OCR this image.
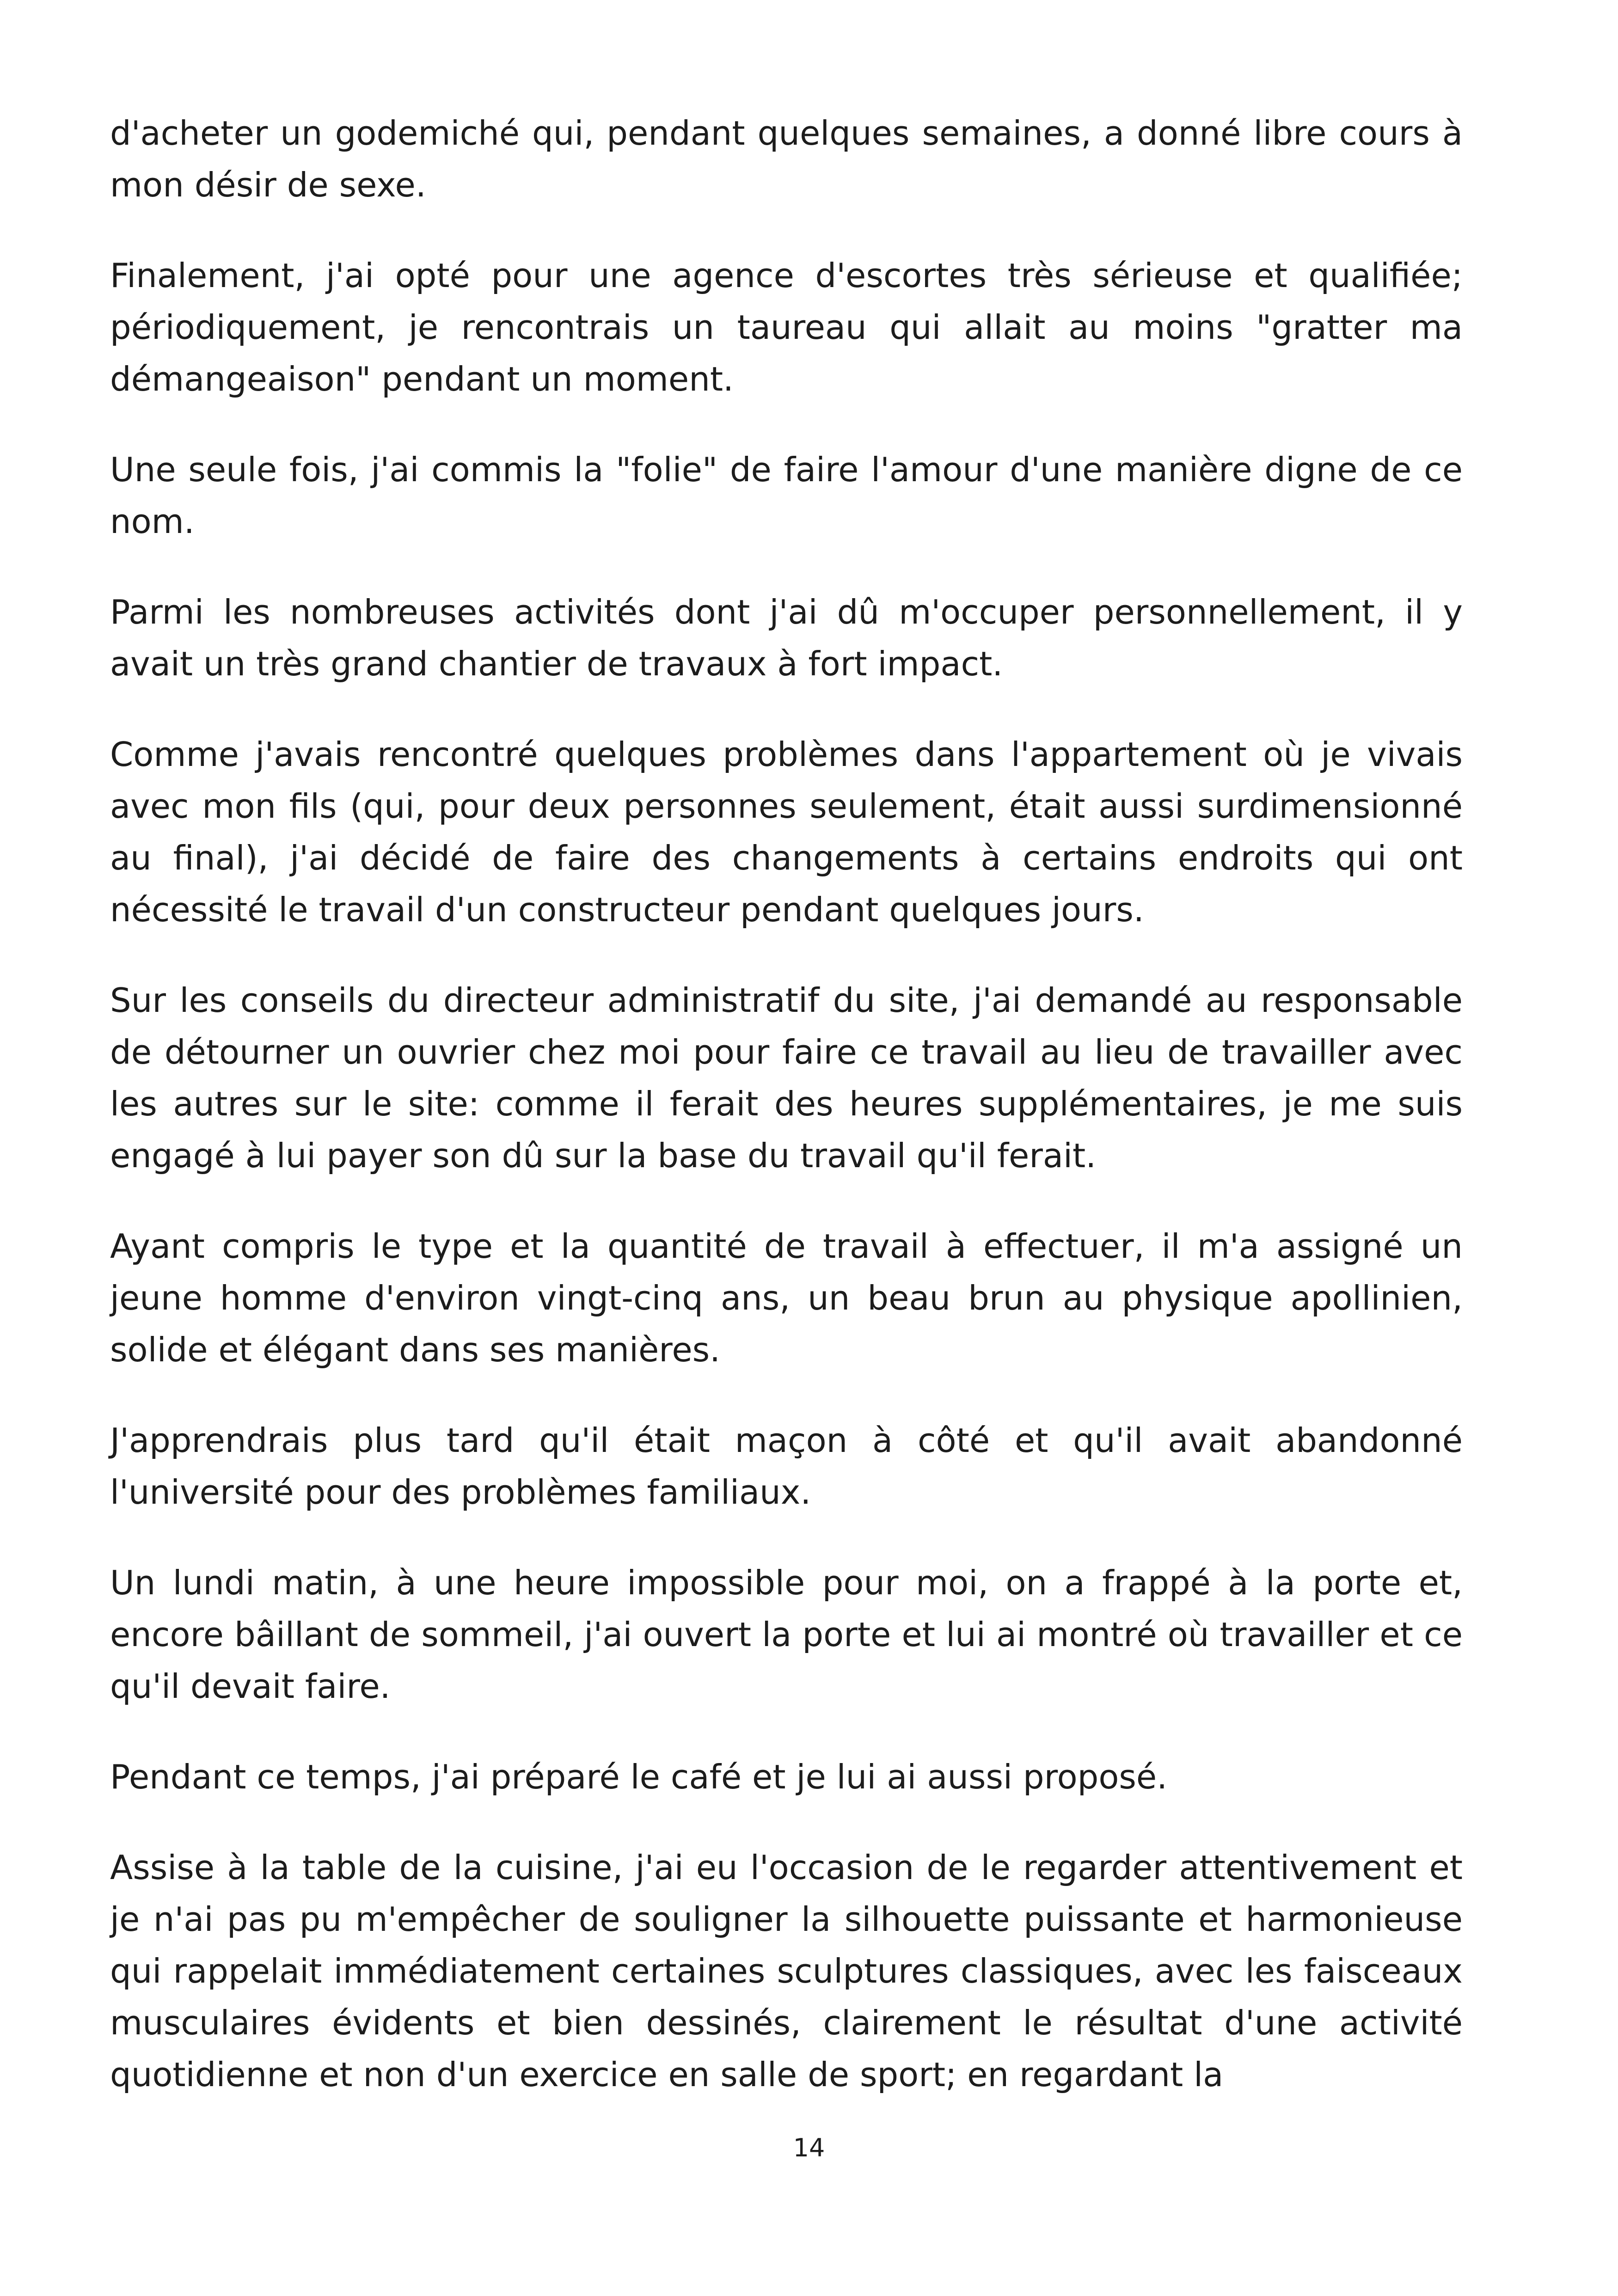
d'acheter un godemiché qui, pendant quelques semaines, a donné libre cours à mon désir de sexe.

Finalement, j'ai opté pour une agence d'escortes très sérieuse et qualifiée; périodiquement, je rencontrais un taureau qui allait au moins "gratter ma démangeaison" pendant un moment.

Une seule fois, j'ai commis la "folie" de faire l'amour d'une manière digne de ce nom.

Parmi les nombreuses activités dont j'ai dû m'occuper personnellement, il y avait un très grand chantier de travaux à fort impact.

Comme j'avais rencontré quelques problèmes dans l'appartement où je vivais avec mon fils (qui, pour deux personnes seulement, était aussi surdimensionné au final), j'ai décidé de faire des changements à certains endroits qui ont nécessité le travail d'un constructeur pendant quelques jours.

Sur les conseils du directeur administratif du site, j'ai demandé au responsable de détourner un ouvrier chez moi pour faire ce travail au lieu de travailler avec les autres sur le site: comme il ferait des heures supplémentaires, je me suis engagé à lui payer son dû sur la base du travail qu'il ferait.

Ayant compris le type et la quantité de travail à effectuer, il m'a assigné un jeune homme d'environ vingt-cinq ans, un beau brun au physique apollinien, solide et élégant dans ses manières.

J'apprendrais plus tard qu'il était maçon à côté et qu'il avait abandonné l'université pour des problèmes familiaux.

Un lundi matin, à une heure impossible pour moi, on a frappé à la porte et, encore bâillant de sommeil, j'ai ouvert la porte et lui ai montré où travailler et ce qu'il devait faire.

Pendant ce temps, j'ai préparé le café et je lui ai aussi proposé.

Assise à la table de la cuisine, j'ai eu l'occasion de le regarder attentivement et je n'ai pas pu m'empêcher de souligner la silhouette puissante et harmonieuse qui rappelait immédiatement certaines sculptures classiques, avec les faisceaux musculaires évidents et bien dessinés, clairement le résultat d'une activité quotidienne et non d'un exercice en salle de sport; en regardant la

14
